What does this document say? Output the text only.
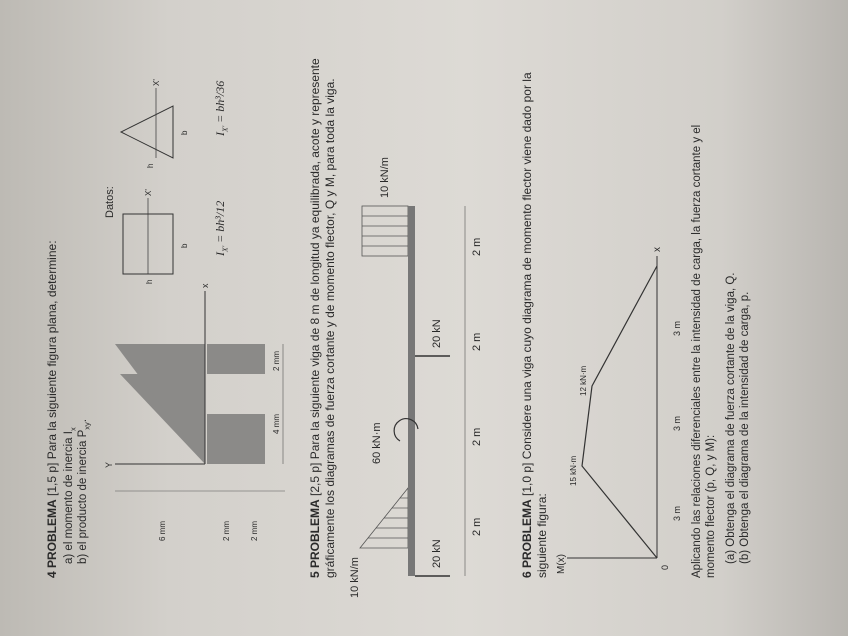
4 PROBLEMA [1,5 p] Para la siguiente figura plana, determine:
a) el momento de inercia $I_x$
b) el producto de inercia $P_{xy}$.
x
Y
6 mm	2 mm 2 mm
4 mm
2 mm
Datos:
h
b
X'
h
b
X'
$I_{X'} = bh^3/12$
$I_{X'} = bh^3/36$
5 PROBLEMA [2,5 p] Para la siguiente viga de 8 m de longitud ya equilibrada, acote y represente gráficamente los diagramas de fuerza cortante y de momento flector, Q y M, para toda la viga. 10 kN/m
10 kN/m
60 kN·m
20 kN
20 kN
2 m
2 m
2 m
2 m
6 PROBLEMA [1,0 p] Considere una viga cuyo diagrama de momento flector viene dado por la
siguiente figura: M(x)	0
x
15 kN·m
12 kN·m
3 m
3 m
3 m Aplicando las relaciones diferenciales entre la intensidad de carga, la fuerza cortante y el momento flector (p, Q, y M): (a) Obtenga el diagrama de fuerza cortante de la viga, Q. (b) Obtenga el diagrama de la intensidad de carga, p.
